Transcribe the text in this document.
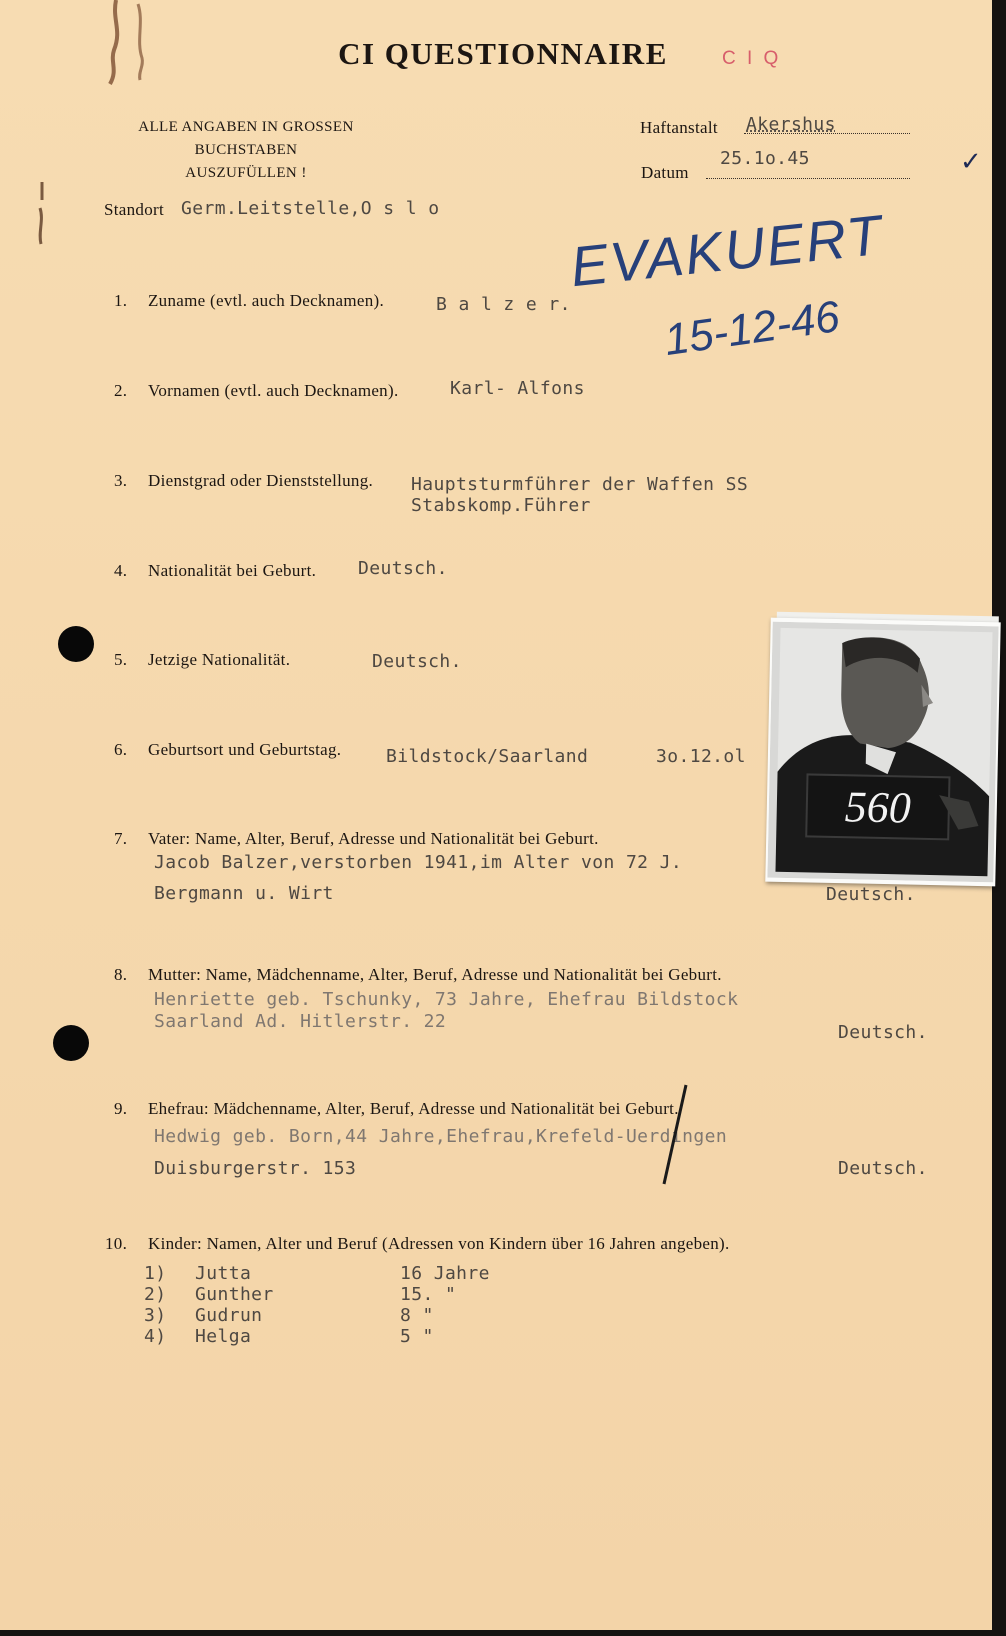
CI QUESTIONNAIRE	C I Q
ALLE ANGABEN IN GROSSEN BUCHSTABEN
AUSZUFÜLLEN !
Haftanstalt Akershus
25.1o.45
Datum
Standort Germ.Leitstelle,O s l o EVAKUERT
15-12-46
✓
1. Zuname (evtl. auch Decknamen).	B a l z e r.
2. Vornamen (evtl. auch Decknamen).	Karl- Alfons
3. Dienstgrad oder Dienststellung. Hauptsturmführer der Waffen SS
Stabskomp.Führer
4. Nationalität bei Geburt. Deutsch.
5. Jetzige Nationalität.	Deutsch.
6. Geburtsort und Geburtstag. Bildstock/Saarland	3o.12.ol
7. Vater: Name, Alter, Beruf, Adresse und Nationalität bei Geburt.
Jacob Balzer,verstorben 1941,im Alter von 72 J.
Bergmann u. Wirt	Deutsch.
8. Mutter: Name, Mädchenname, Alter, Beruf, Adresse und Nationalität bei Geburt.
Henriette geb. Tschunky, 73 Jahre, Ehefrau Bildstock
Saarland Ad. Hitlerstr. 22
Deutsch.
9. Ehefrau: Mädchenname, Alter, Beruf, Adresse und Nationalität bei Geburt.
Hedwig geb. Born,44 Jahre,Ehefrau,Krefeld-Uerdingen
Duisburgerstr. 153	Deutsch.
10. Kinder: Namen, Alter und Beruf (Adressen von Kindern über 16 Jahren angeben).
1) Jutta	16 Jahre
2) Gunther	15. "
3) Gudrun	8 "
4) Helga	5 "
560
